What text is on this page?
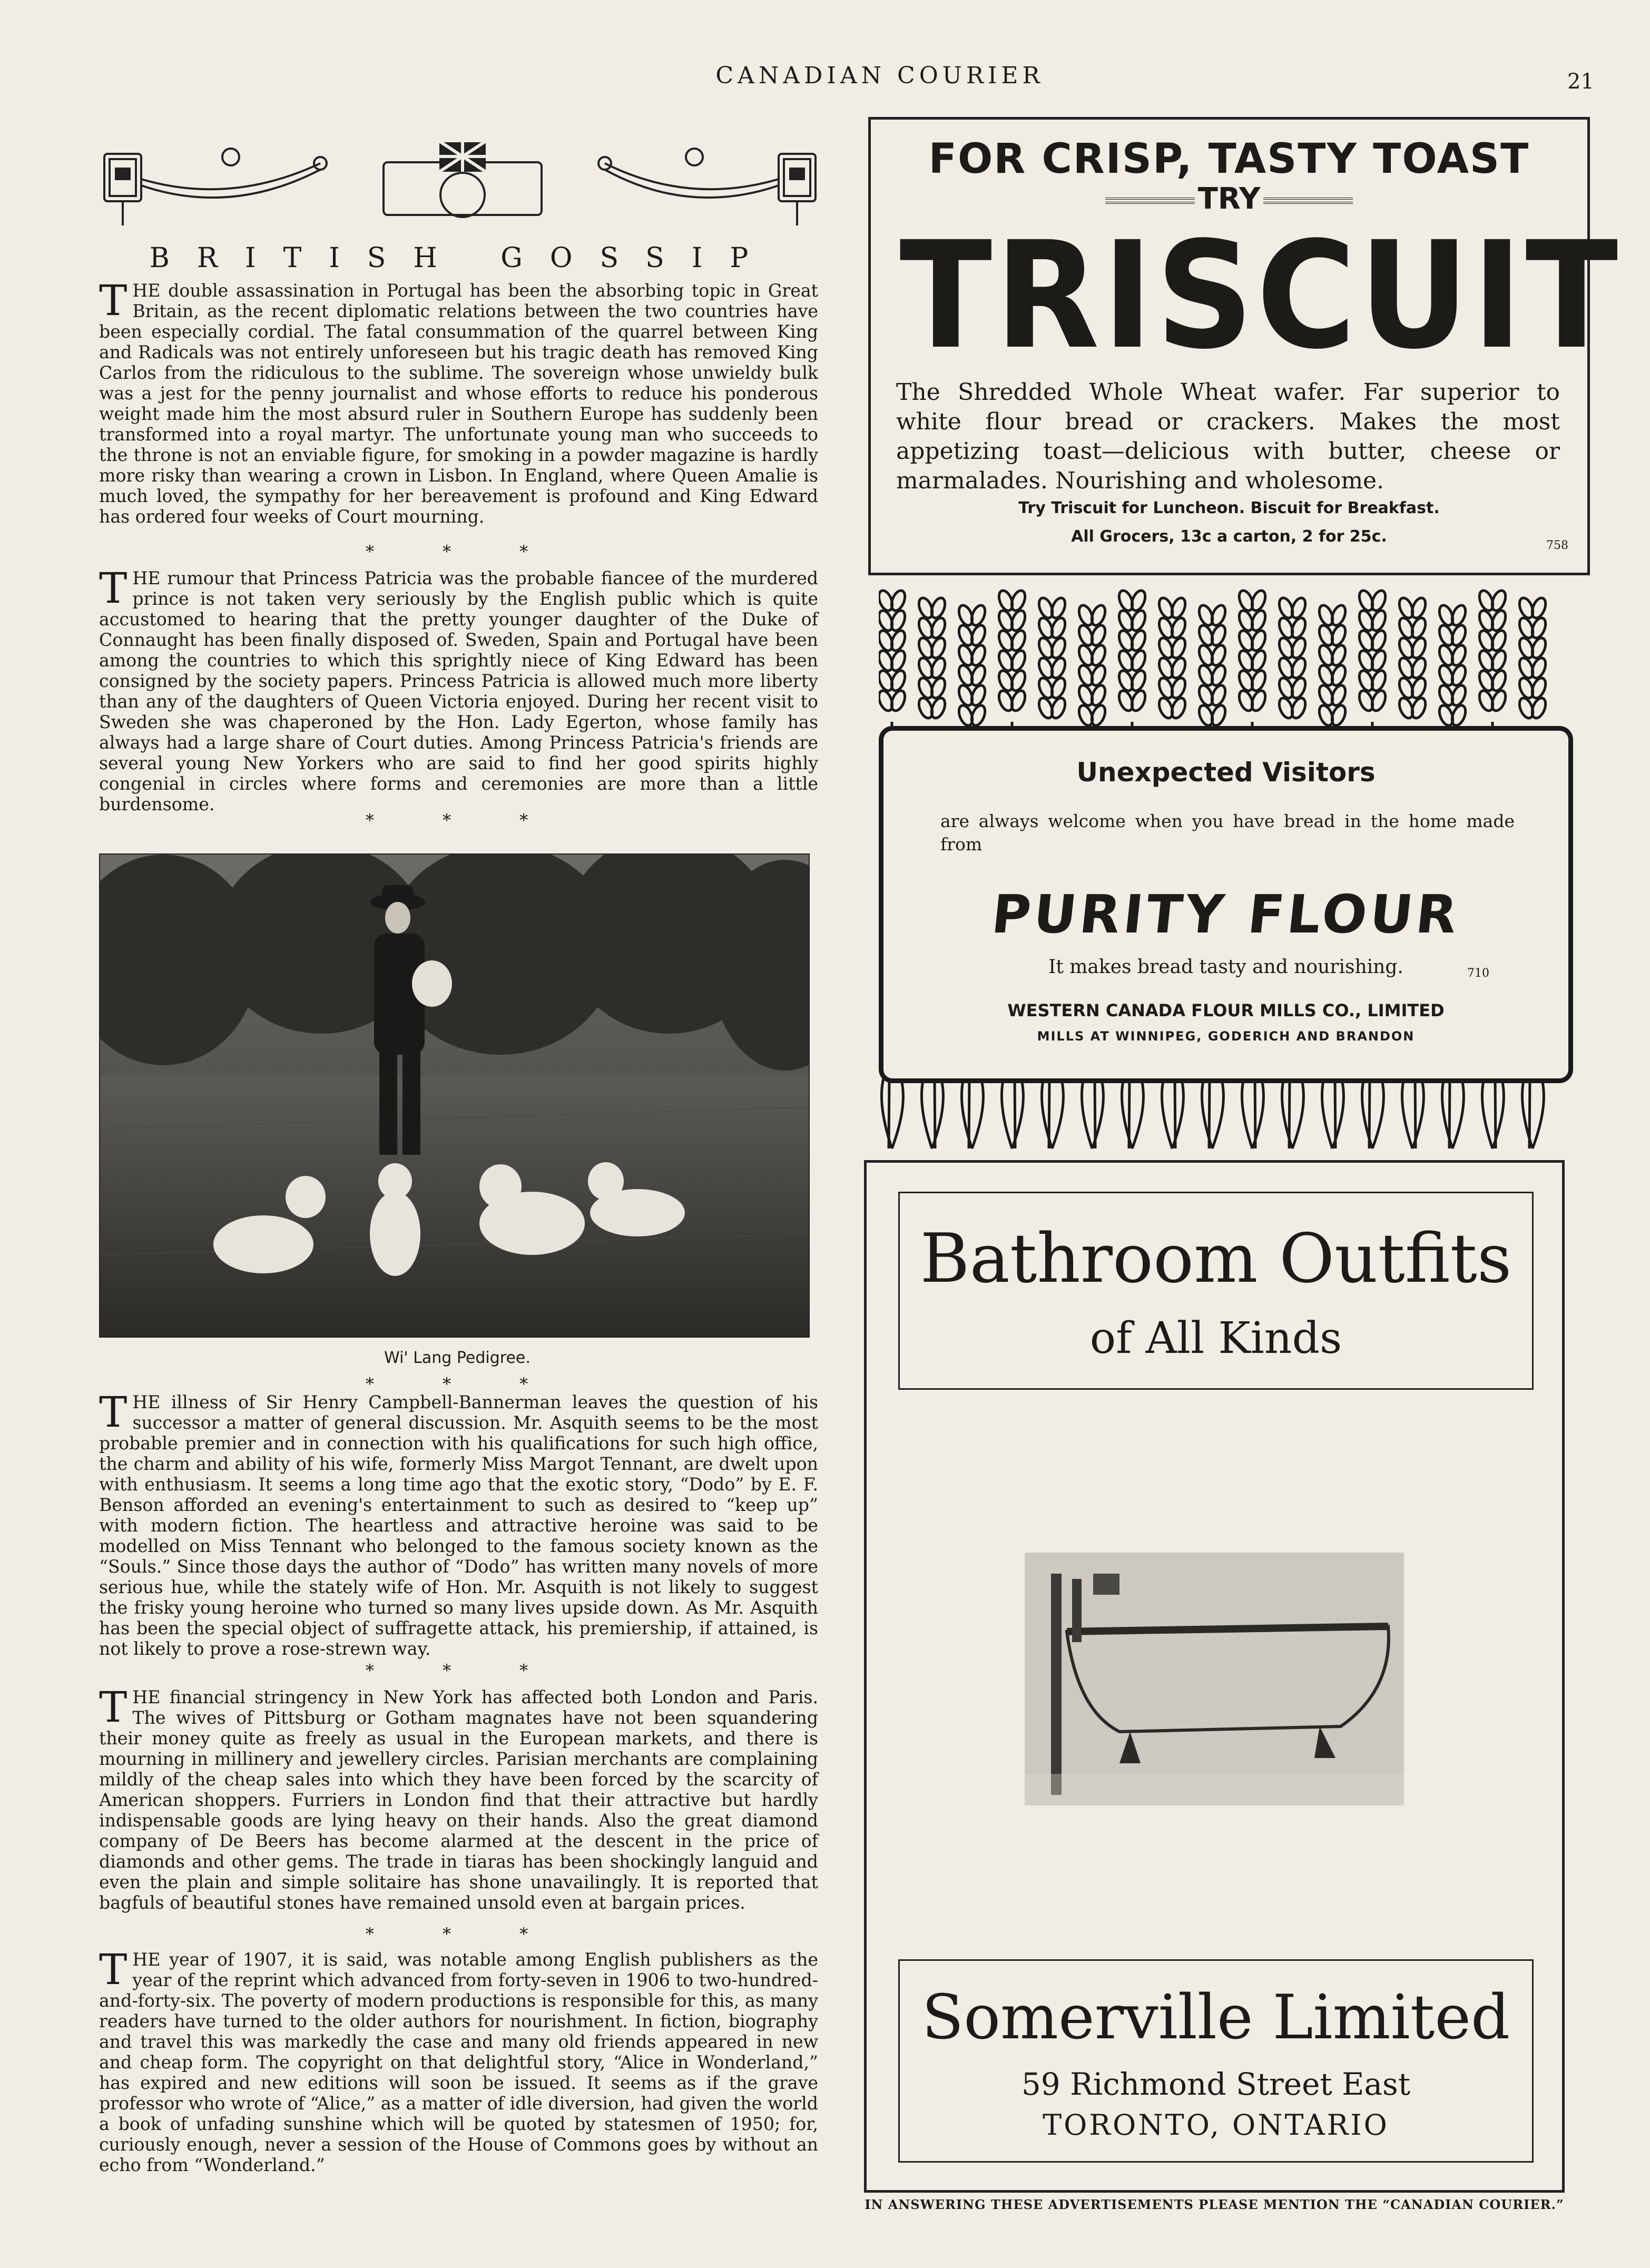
CANADIAN COURIER	21
BRITISH GOSSIP
THE double assassination in Portugal has been the absorbing topic in Great Britain, as the recent diplomatic relations between the two countries have been especially cordial. The fatal consummation of the quarrel between King and Radicals was not entirely unforeseen but his tragic death has removed King Carlos from the ridiculous to the sublime. The sovereign whose unwieldy bulk was a jest for the penny journalist and whose efforts to reduce his ponderous weight made him the most absurd ruler in Southern Europe has suddenly been transformed into a royal martyr. The unfortunate young man who succeeds to the throne is not an enviable figure, for smoking in a powder magazine is hardly more risky than wearing a crown in Lisbon. In England, where Queen Amalie is much loved, the sympathy for her bereavement is profound and King Edward has ordered four weeks of Court mourning.
* * *
THE rumour that Princess Patricia was the probable fiancee of the murdered prince is not taken very seriously by the English public which is quite accustomed to hearing that the pretty younger daughter of the Duke of Connaught has been finally disposed of. Sweden, Spain and Portugal have been among the countries to which this sprightly niece of King Edward has been consigned by the society papers. Princess Patricia is allowed much more liberty than any of the daughters of Queen Victoria enjoyed. During her recent visit to Sweden she was chaperoned by the Hon. Lady Egerton, whose family has always had a large share of Court duties. Among Princess Patricia's friends are several young New Yorkers who are said to find her good spirits highly congenial in circles where forms and ceremonies are more than a little burdensome.
* * *
Wi' Lang Pedigree.
* * *
THE illness of Sir Henry Campbell-Bannerman leaves the question of his successor a matter of general discussion. Mr. Asquith seems to be the most probable premier and in connection with his qualifications for such high office, the charm and ability of his wife, formerly Miss Margot Tennant, are dwelt upon with enthusiasm. It seems a long time ago that the exotic story, “Dodo” by E. F. Benson afforded an evening's entertainment to such as desired to “keep up” with modern fiction. The heartless and attractive heroine was said to be modelled on Miss Tennant who belonged to the famous society known as the “Souls.” Since those days the author of “Dodo” has written many novels of more serious hue, while the stately wife of Hon. Mr. Asquith is not likely to suggest the frisky young heroine who turned so many lives upside down. As Mr. Asquith has been the special object of suffragette attack, his premiership, if attained, is not likely to prove a rose-strewn way.
* * *
THE financial stringency in New York has affected both London and Paris. The wives of Pittsburg or Gotham magnates have not been squandering their money quite as freely as usual in the European markets, and there is mourning in millinery and jewellery circles. Parisian merchants are complaining mildly of the cheap sales into which they have been forced by the scarcity of American shoppers. Furriers in London find that their attractive but hardly indispensable goods are lying heavy on their hands. Also the great diamond company of De Beers has become alarmed at the descent in the price of diamonds and other gems. The trade in tiaras has been shockingly languid and even the plain and simple solitaire has shone unavailingly. It is reported that bagfuls of beautiful stones have remained unsold even at bargain prices.
* * *
THE year of 1907, it is said, was notable among English publishers as the year of the reprint which advanced from forty-seven in 1906 to two-hundred-and-forty-six. The poverty of modern productions is responsible for this, as many readers have turned to the older authors for nourishment. In fiction, biography and travel this was markedly the case and many old friends appeared in new and cheap form. The copyright on that delightful story, “Alice in Wonderland,” has expired and new editions will soon be issued. It seems as if the grave professor who wrote of “Alice,” as a matter of idle diversion, had given the world a book of unfading sunshine which will be quoted by statesmen of 1950; for, curiously enough, never a session of the House of Commons goes by without an echo from “Wonderland.”
FOR CRISP, TASTY TOAST
TRY
TRISCUIT
The Shredded Whole Wheat wafer. Far superior to white flour bread or crackers. Makes the most appetizing toast—delicious with butter, cheese or marmalades. Nourishing and wholesome.
Try Triscuit for Luncheon. Biscuit for Breakfast.
All Grocers, 13c a carton, 2 for 25c.	758
Unexpected Visitors
are always welcome when you have bread in the home made from
PURITY FLOUR
It makes bread tasty and nourishing.	710
WESTERN CANADA FLOUR MILLS CO., LIMITED
MILLS AT WINNIPEG, GODERICH AND BRANDON
Bathroom Outfits
of All Kinds
Somerville Limited
59 Richmond Street East
TORONTO, ONTARIO
IN ANSWERING THESE ADVERTISEMENTS PLEASE MENTION THE “CANADIAN COURIER.”
